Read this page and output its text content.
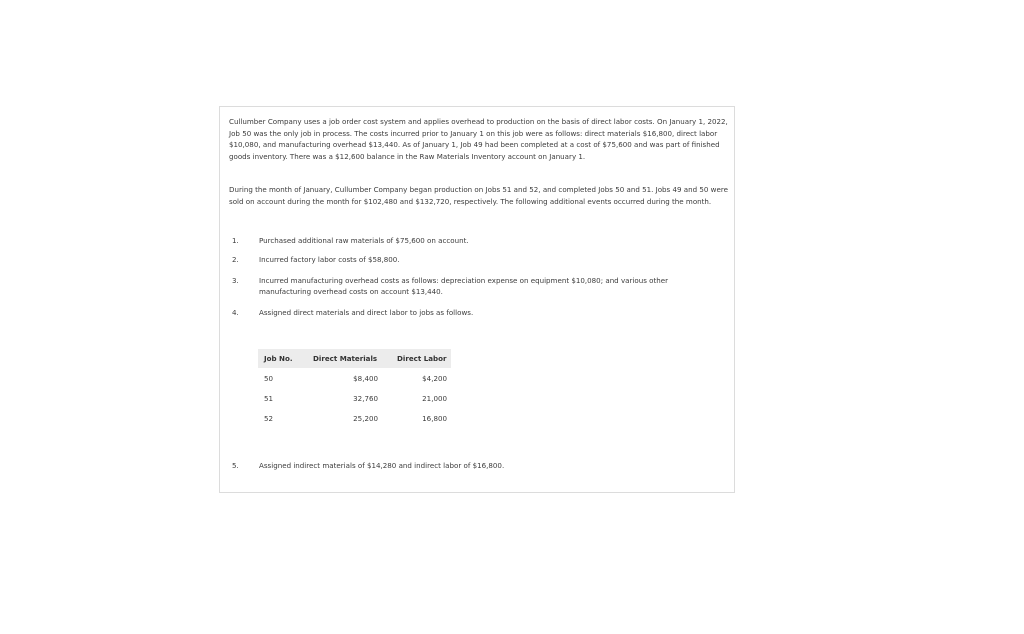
Cullumber Company uses a job order cost system and applies overhead to production on the basis of direct labor costs. On January 1, 2022, Job 50 was the only job in process. The costs incurred prior to January 1 on this job were as follows: direct materials $16,800, direct labor $10,080, and manufacturing overhead $13,440. As of January 1, Job 49 had been completed at a cost of $75,600 and was part of finished goods inventory. There was a $12,600 balance in the Raw Materials Inventory account on January 1.

During the month of January, Cullumber Company began production on Jobs 51 and 52, and completed Jobs 50 and 51. Jobs 49 and 50 were sold on account during the month for $102,480 and $132,720, respectively. The following additional events occurred during the month.

1.	Purchased additional raw materials of $75,600 on account.
2.	Incurred factory labor costs of $58,800.
3.	Incurred manufacturing overhead costs as follows: depreciation expense on equipment $10,080; and various other manufacturing overhead costs on account $13,440.
4.	Assigned direct materials and direct labor to jobs as follows.
Job No.	Direct Materials	Direct Labor
50	$8,400	$4,200
51	32,760	21,000
52	25,200	16,800
5.	Assigned indirect materials of $14,280 and indirect labor of $16,800.
